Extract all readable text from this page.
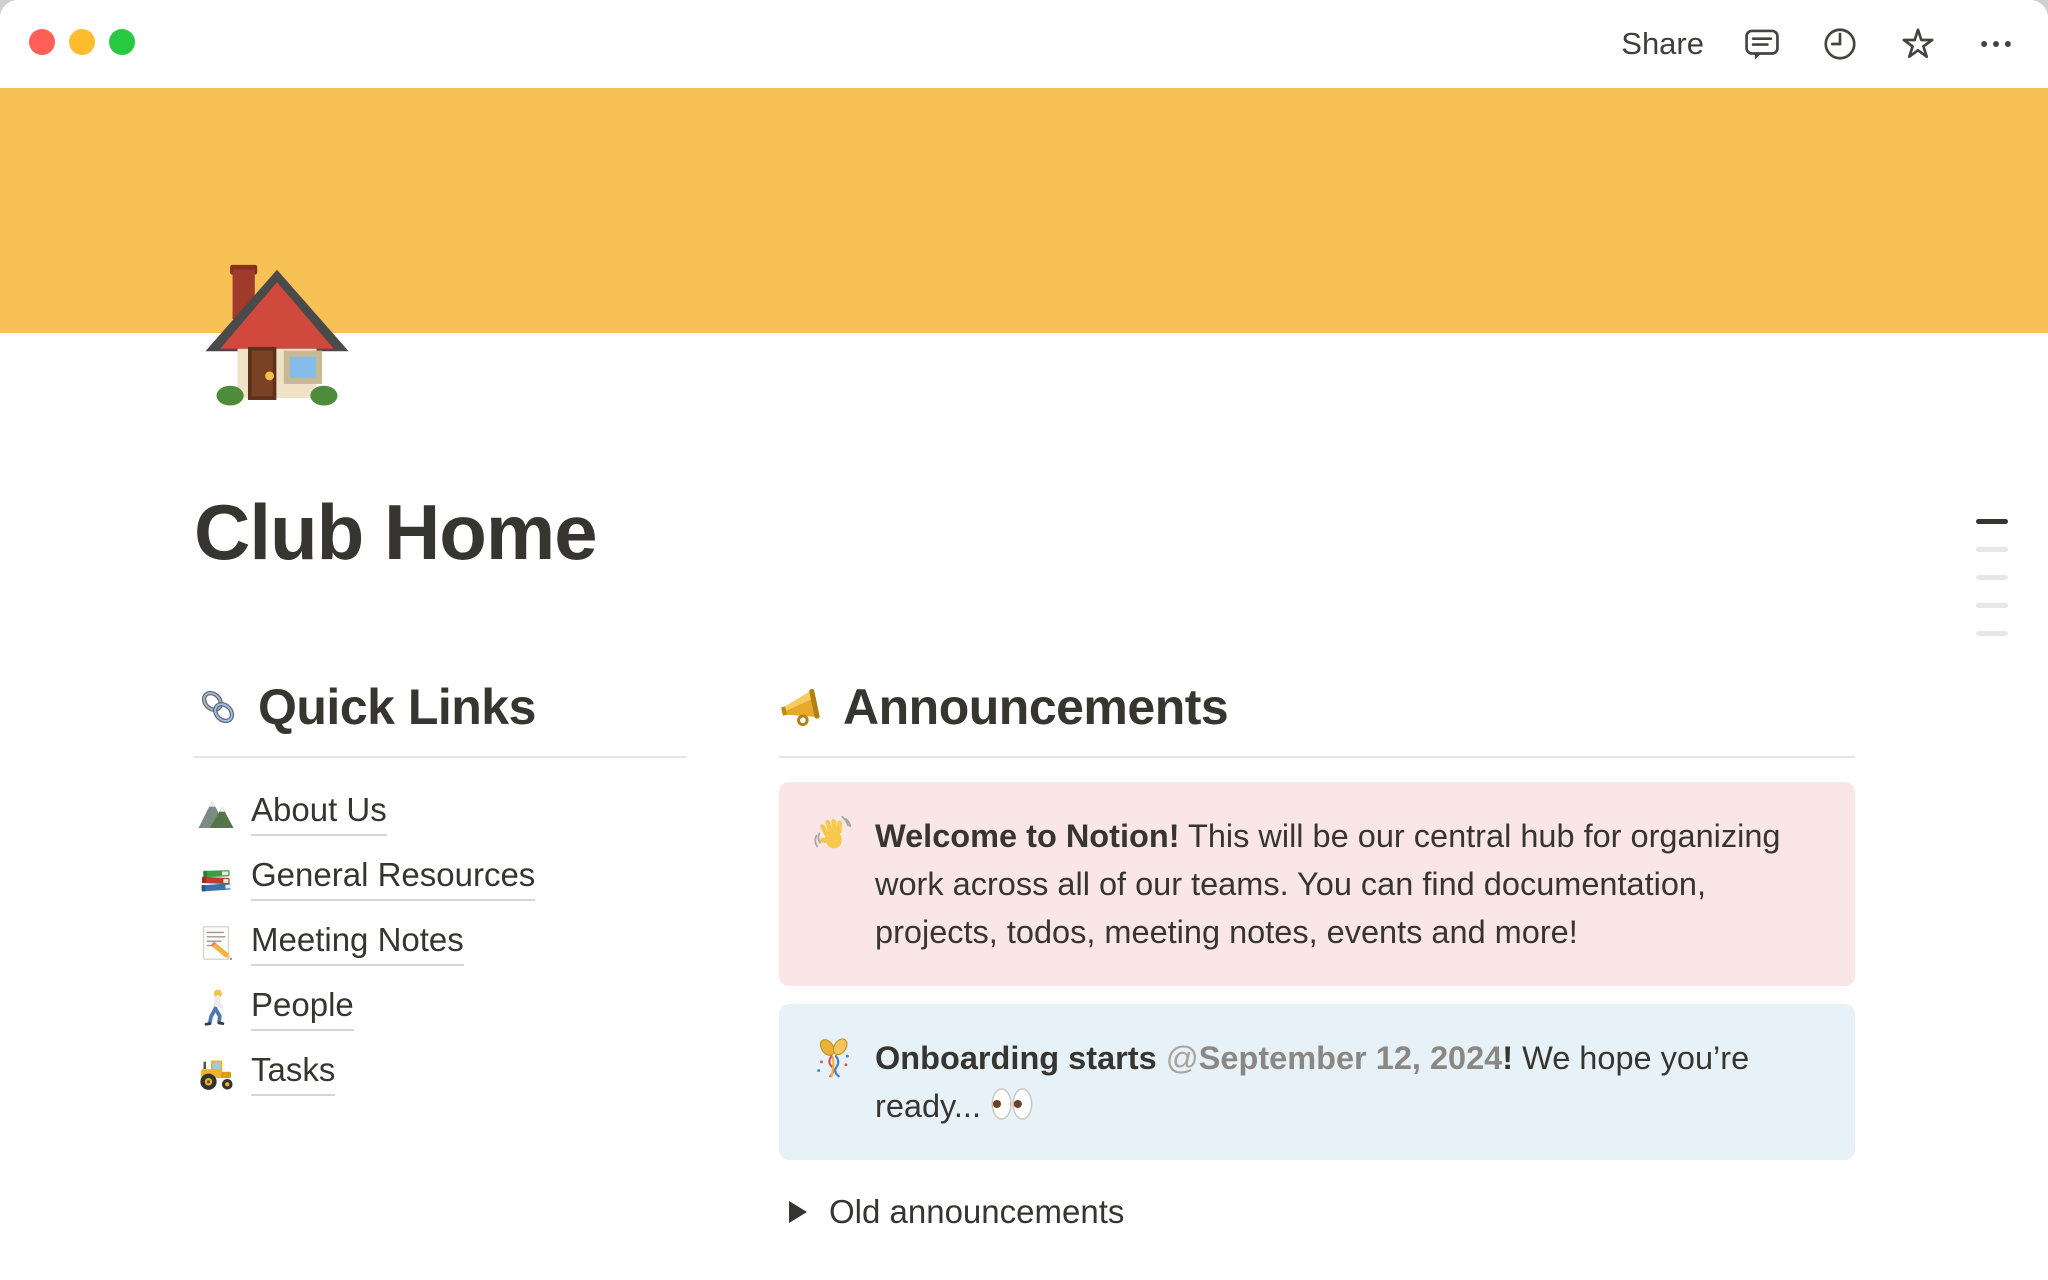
Share
Club Home
Quick Links
About Us
General Resources
Meeting Notes
People
Tasks
Announcements
Welcome to Notion! This will be our central hub for organizing
work across all of our teams. You can find documentation,
projects, todos, meeting notes, events and more!
Onboarding starts @September 12, 2024! We hope you’re
ready...
Old announcements
